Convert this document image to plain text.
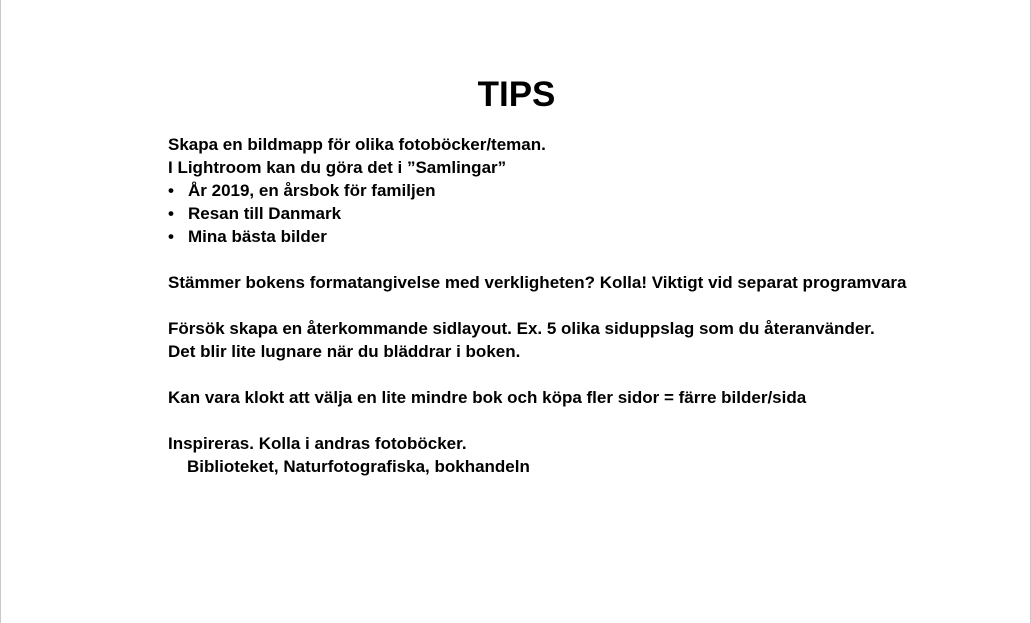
TIPS
Skapa en bildmapp för olika fotoböcker/teman.
I Lightroom kan du göra det i ”Samlingar”
• År 2019, en årsbok för familjen
• Resan till Danmark
• Mina bästa bilder
Stämmer bokens formatangivelse med verkligheten? Kolla! Viktigt vid separat programvara
Försök skapa en återkommande sidlayout. Ex. 5 olika siduppslag som du återanvänder.
Det blir lite lugnare när du bläddrar i boken.
Kan vara klokt att välja en lite mindre bok och köpa fler sidor = färre bilder/sida
Inspireras. Kolla i andras fotoböcker.
Biblioteket, Naturfotografiska, bokhandeln
